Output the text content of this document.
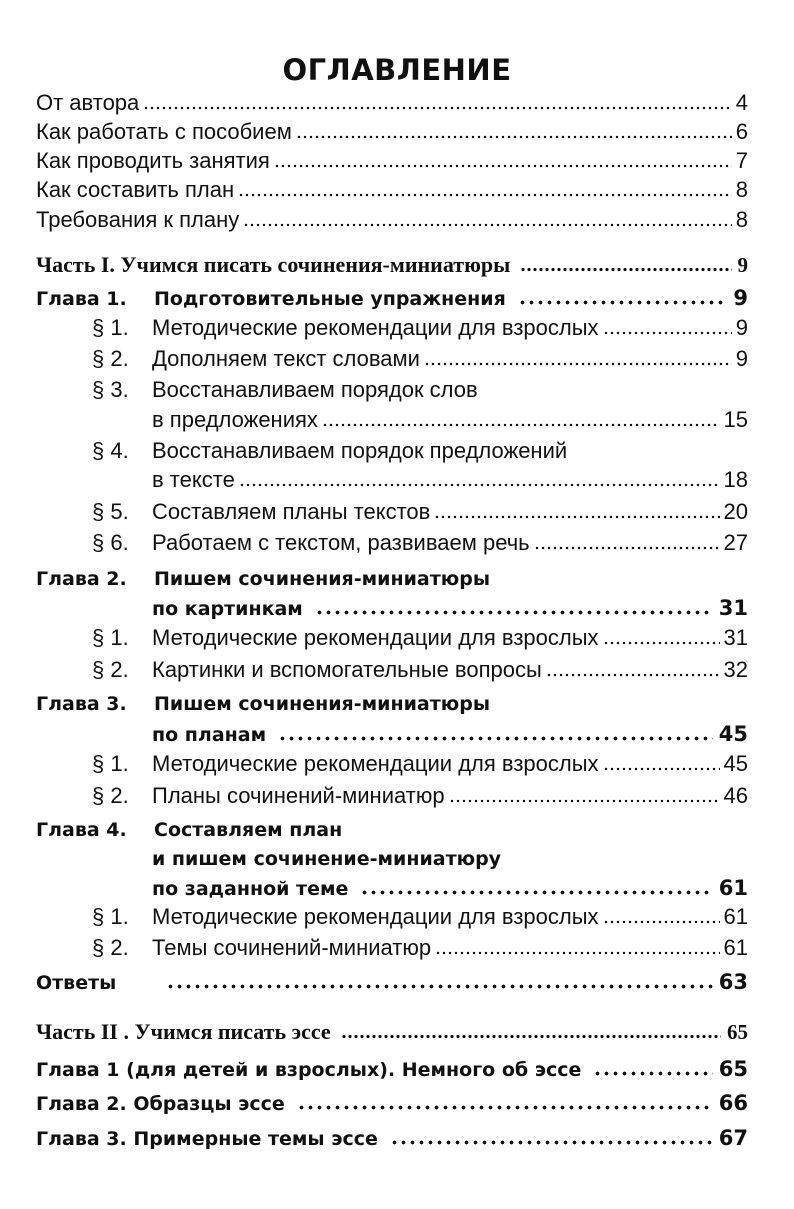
ОГЛАВЛЕНИЕ
От автора	4
Как работать с пособием	6
Как проводить занятия	7
Как составить план	8
Требования к плану	8
Часть I. Учимся писать сочинения-миниатюры	9
Глава 1.	Подготовительные упражнения	9
§ 1.	Методические рекомендации для взрослых	9
§ 2.	Дополняем текст словами	9
§ 3.	Восстанавливаем порядок слов
в предложениях	15
§ 4.	Восстанавливаем порядок предложений
в тексте	18
§ 5.	Составляем планы текстов	20
§ 6.	Работаем с текстом, развиваем речь	27
Глава 2.	Пишем сочинения-миниатюры
по картинкам	31
§ 1.	Методические рекомендации для взрослых	31
§ 2.	Картинки и вспомогательные вопросы	32
Глава 3.	Пишем сочинения-миниатюры
по планам	45
§ 1.	Методические рекомендации для взрослых	45
§ 2.	Планы сочинений-миниатюр	46
Глава 4.	Составляем план
и пишем сочинение-миниатюру
по заданной теме	61
§ 1.	Методические рекомендации для взрослых	61
§ 2.	Темы сочинений-миниатюр	61
Ответы	63
Часть II . Учимся писать эссе	65
Глава 1 (для детей и взрослых). Немного об эссе	65
Глава 2. Образцы эссе	66
Глава 3. Примерные темы эссе	67
